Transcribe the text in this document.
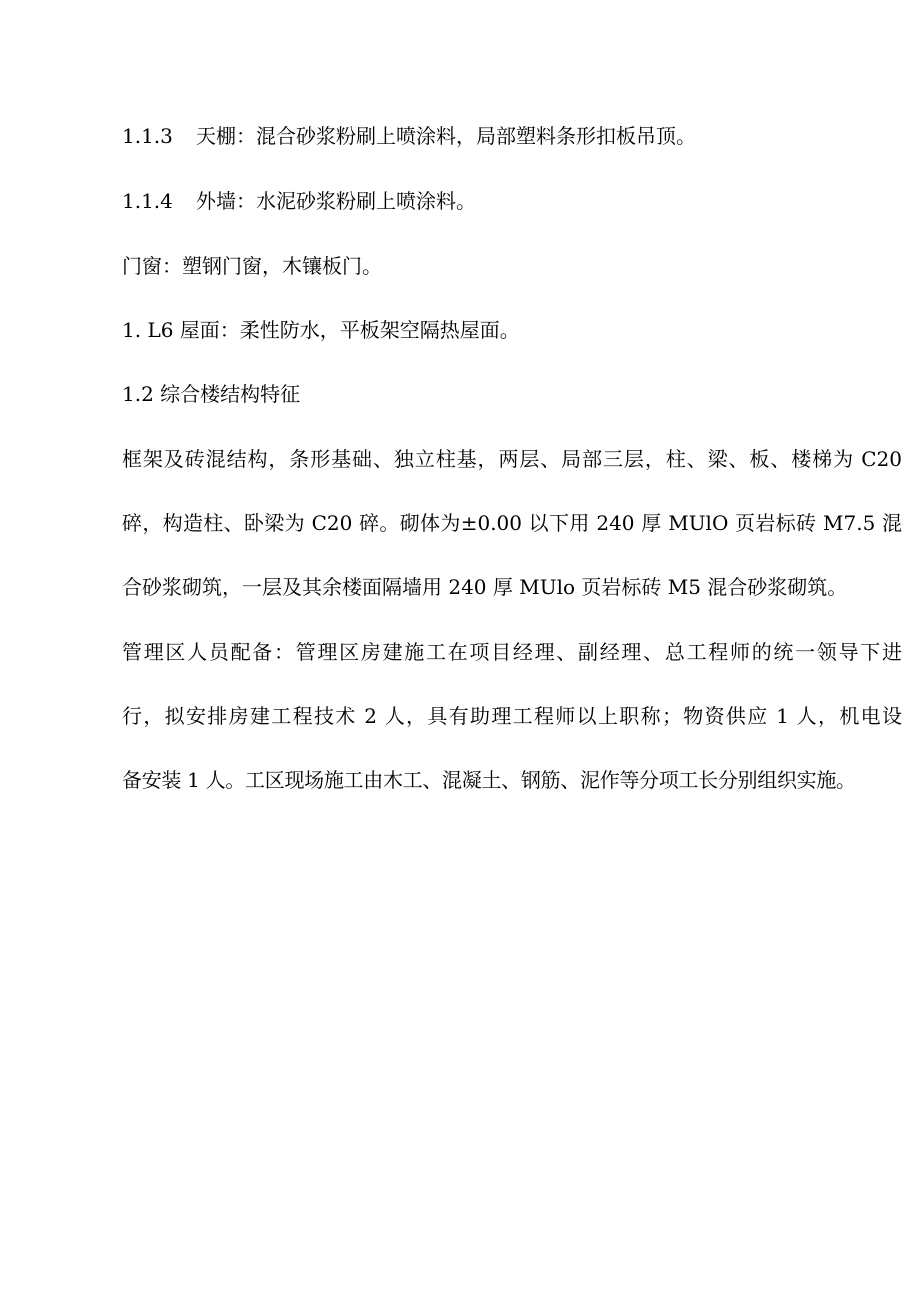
1.1.3 天棚：混合砂浆粉刷上喷涂料，局部塑料条形扣板吊顶。
1.1.4 外墙：水泥砂浆粉刷上喷涂料。
门窗：塑钢门窗，木镶板门。
1. L6 屋面：柔性防水，平板架空隔热屋面。
1.2 综合楼结构特征
框架及砖混结构，条形基础、独立柱基，两层、局部三层，柱、梁、板、楼梯为 C20
碎，构造柱、卧梁为 C20 碎。砌体为±0.00 以下用 240 厚 MUlO 页岩标砖 M7.5 混
合砂浆砌筑，一层及其余楼面隔墙用 240 厚 MUlo 页岩标砖 M5 混合砂浆砌筑。
管理区人员配备：管理区房建施工在项目经理、副经理、总工程师的统一领导下进
行，拟安排房建工程技术 2 人，具有助理工程师以上职称；物资供应 1 人，机电设
备安装 1 人。工区现场施工由木工、混凝土、钢筋、泥作等分项工长分别组织实施。
